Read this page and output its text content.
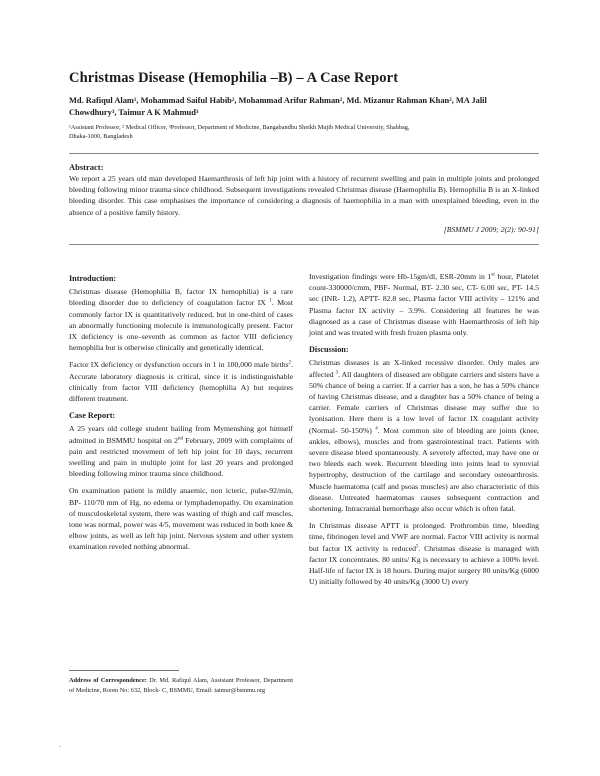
Christmas Disease (Hemophilia –B) – A Case Report
Md. Rafiqul Alam¹, Mohammad Saiful Habib², Mohammad Arifur Rahman², Md. Mizanur Rahman Khan², MA Jalil
Chowdhury³, Taimur A K Mahmud³
¹Assistant Professor, ² Medical Officer, ³Professor, Department of Medicine, Bangabandhu Sheikh Mujib Medical University, Shahbag,
Dhaka-1000, Bangladesh
Abstract:
We report a 25 years old man developed Haemarthrosis of left hip joint with a history of recurrent swelling and pain in multiple joints and prolonged bleeding following minor trauma since childhood. Subsequent investigations revealed Christmas disease (Haemophilia B). Hemophilia B is an X-linked bleeding disorder. This case emphasises the importance of considering a diagnosis of haemophilia in a man with unexplained bleeding, even in the absence of a positive family history.
[BSMMU J 2009; 2(2): 90-91]
Introduction:

Christmas disease (Hemophilia B, factor IX hemophilia) is a rare bleeding disorder due to deficiency of coagulation factor IX $^1$. Most commonly factor IX is quantitatively reduced, but in one-third of cases an abnormally functioning molecule is immunologically present. Factor IX deficiency is one–seventh as common as factor VIII deficiency hemophilia but is otherwise clinically and genetically identical.

Factor IX deficiency or dysfunction occurs in 1 in 100,000 male births$^2$. Accurate laboratory diagnosis is critical, since it is indistinguishable clinically from factor VIII deficiency (hemophilia A) but requires different treatment.

Case Report:

A 25 years old college student hailing from Mymenshing got himself admitted in BSMMU hospital on 2nd February, 2009 with complaints of pain and restricted movement of left hip joint for 10 days, recurrent swelling and pain in multiple joint for last 20 years and prolonged bleeding following minor trauma since childhood.

On examination patient is mildly anaemic, non icteric, pulse-92/min, BP- 110/70 mm of Hg, no edema or lymphadenopathy. On examination of musculoskeletal system, there was wasting of thigh and calf muscles, tone was normal, power was 4/5, movement was reduced in both knee & elbow joints, as well as left hip joint. Nervous system and other system examination reveled nothing abnormal.

Investigation findings were Hb-15gm/dl, ESR-20mm in 1st hour, Platelet count-330000/cmm, PBF- Normal, BT- 2.30 sec, CT- 6.00 sec, PT- 14.5 sec (INR- 1.2), APTT- 82.8 sec, Plasma factor VIII activity – 121% and Plasma factor IX activity – 3.9%. Considering all features he was diagnosed as a case of Christmas disease with Haemarthrosis of left hip joint and was treated with fresh frozen plasma only.

Discussion:

Christmas diseases is an X-linked recessive disorder. Only males are affected $^3$. All daughters of diseased are obligate carriers and sisters have a 50% chance of being a carrier. If a carrier has a son, he has a 50% chance of having Christmas disease, and a daughter has a 50% chance of being a carrier. Female carriers of Christmas disease may suffer due to lyonisation. Here there is a low level of factor IX coagulant activity (Normal- 50-150%) $^4$. Most common site of bleeding are joints (knee, ankles, elbows), muscles and from gastrointestinal tract. Patients with severe disease bleed spontaneously. A severely affected, may have one or two bleeds each week. Recurrent bleeding into joints lead to synovial hypertrophy, destruction of the cartilage and secondary osteoarthrosis. Muscle haematoma (calf and psoas muscles) are also characteristic of this disease. Untreated haematomas causes subsequent contraction and shortening. Intracranial hemorrhage also occur which is often fatal.

In Christmas disease APTT is prolonged. Prothrombin time, bleeding time, fibrinogen level and VWF are normal. Factor VIII activity is normal but factor IX activity is reduced$^5$. Christmas disease is managed with factor IX concentrates. 80 units/ Kg is necessary to achieve a 100% level. Half-life of factor IX is 18 hours. During major surgery 80 units/Kg (6000 U) initially followed by 40 units/Kg (3000 U) every

Address of Correspondence: Dr. Md. Rafiqul Alam, Assistant Professor, Department of Medicine, Room No: 632, Block- C, BSMMU, Email: taimur@bsmmu.org
.
